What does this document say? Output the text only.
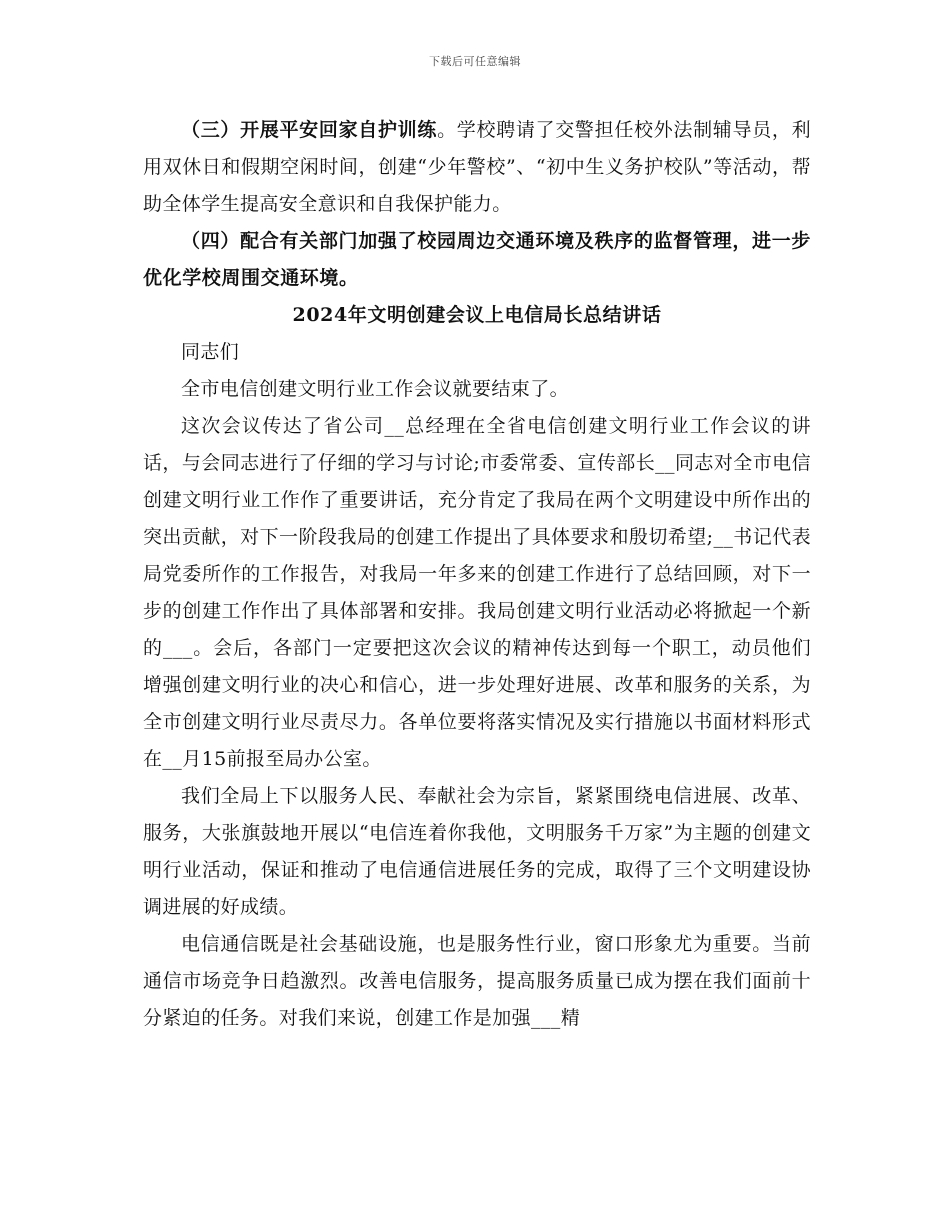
下载后可任意编辑

（三）开展平安回家自护训练。学校聘请了交警担任校外法制辅导员，利用双休日和假期空闲时间，创建“少年警校”、“初中生义务护校队”等活动，帮助全体学生提高安全意识和自我保护能力。

（四）配合有关部门加强了校园周边交通环境及秩序的监督管理，进一步优化学校周围交通环境。

2024年文明创建会议上电信局长总结讲话

同志们

全市电信创建文明行业工作会议就要结束了。

这次会议传达了省公司__总经理在全省电信创建文明行业工作会议的讲话，与会同志进行了仔细的学习与讨论;市委常委、宣传部长__同志对全市电信创建文明行业工作作了重要讲话，充分肯定了我局在两个文明建设中所作出的突出贡献，对下一阶段我局的创建工作提出了具体要求和殷切希望;__书记代表局党委所作的工作报告，对我局一年多来的创建工作进行了总结回顾，对下一步的创建工作作出了具体部署和安排。我局创建文明行业活动必将掀起一个新的___。会后，各部门一定要把这次会议的精神传达到每一个职工，动员他们增强创建文明行业的决心和信心，进一步处理好进展、改革和服务的关系，为全市创建文明行业尽责尽力。各单位要将落实情况及实行措施以书面材料形式在__月15前报至局办公室。

我们全局上下以服务人民、奉献社会为宗旨，紧紧围绕电信进展、改革、服务，大张旗鼓地开展以“电信连着你我他，文明服务千万家”为主题的创建文明行业活动，保证和推动了电信通信进展任务的完成，取得了三个文明建设协调进展的好成绩。

电信通信既是社会基础设施，也是服务性行业，窗口形象尤为重要。当前通信市场竞争日趋激烈。改善电信服务，提高服务质量已成为摆在我们面前十分紧迫的任务。对我们来说，创建工作是加强___精
